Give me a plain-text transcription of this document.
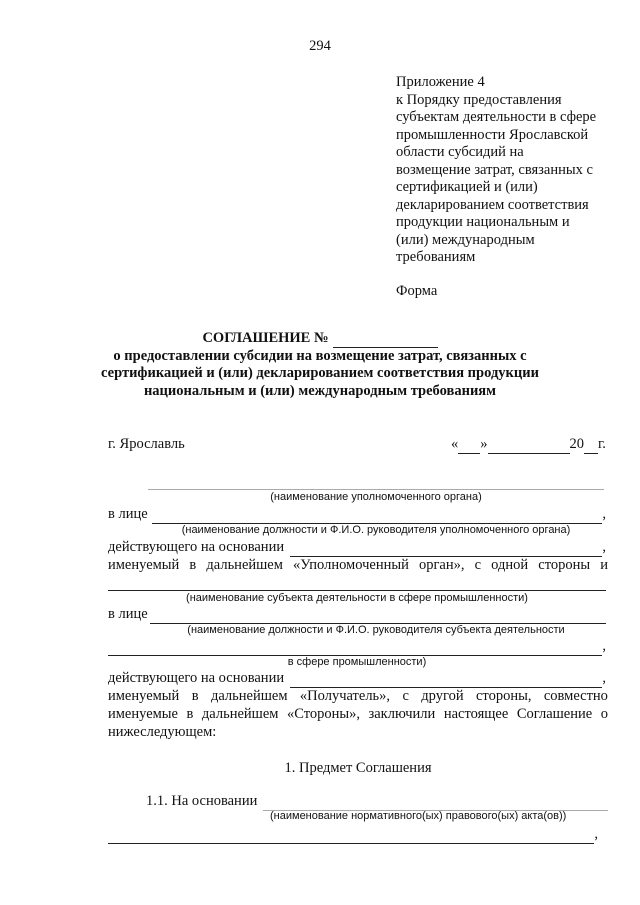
294
Приложение 4
к Порядку предоставления
субъектам деятельности в сфере
промышленности Ярославской
области субсидий на
возмещение затрат, связанных с
сертификацией и (или)
декларированием соответствия
продукции национальным и
(или) международным
требованиям
Форма
СОГЛАШЕНИЕ №
о предоставлении субсидии на возмещение затрат, связанных с
сертификацией и (или) декларированием соответствия продукции
национальным и (или) международным требованиям
г. Ярославль	« »	20 г.
(наименование уполномоченного органа)
в лице	,
(наименование должности и Ф.И.О. руководителя уполномоченного органа)
действующего на основании	,
именуемый в дальнейшем «Уполномоченный орган», с одной стороны и
(наименование субъекта деятельности в сфере промышленности)
в лице
(наименование должности и Ф.И.О. руководителя субъекта деятельности
,
в сфере промышленности)
действующего на основании	,
именуемый в дальнейшем «Получатель», с другой стороны, совместно
именуемые в дальнейшем «Стороны», заключили настоящее Соглашение о
нижеследующем:
1. Предмет Соглашения
1.1. На основании
(наименование нормативного(ых) правового(ых) акта(ов))
,
